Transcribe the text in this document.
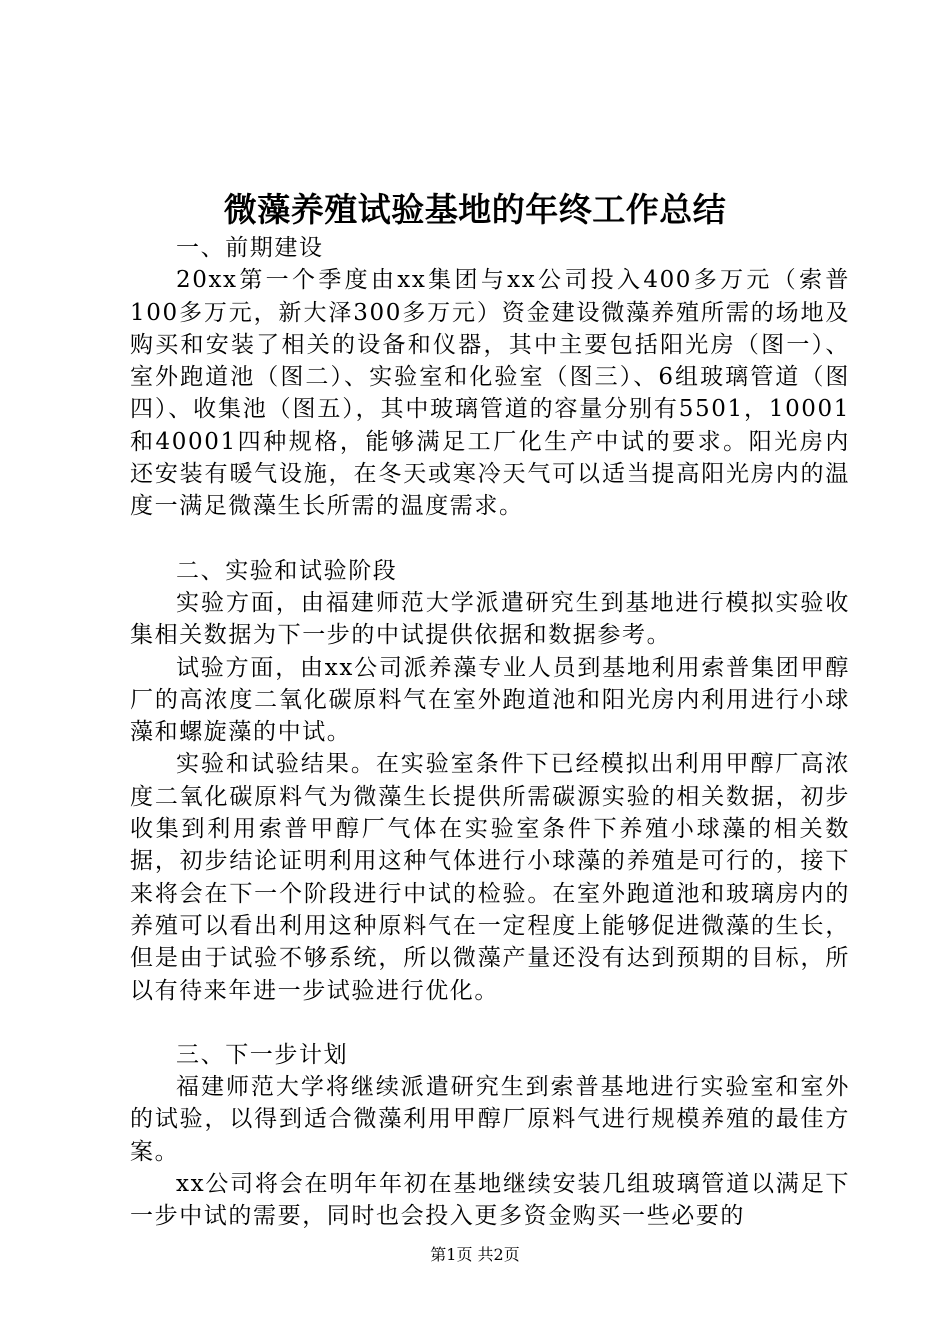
微藻养殖试验基地的年终工作总结

一、前期建设

20xx第一个季度由xx集团与xx公司投入400多万元（索普100多万元，新大泽300多万元）资金建设微藻养殖所需的场地及购买和安装了相关的设备和仪器，其中主要包括阳光房（图一）、室外跑道池（图二）、实验室和化验室（图三）、6组玻璃管道（图四）、收集池（图五），其中玻璃管道的容量分别有5501，10001和40001四种规格，能够满足工厂化生产中试的要求。阳光房内还安装有暖气设施，在冬天或寒冷天气可以适当提高阳光房内的温度一满足微藻生长所需的温度需求。

二、实验和试验阶段

实验方面，由福建师范大学派遣研究生到基地进行模拟实验收集相关数据为下一步的中试提供依据和数据参考。

试验方面，由xx公司派养藻专业人员到基地利用索普集团甲醇厂的高浓度二氧化碳原料气在室外跑道池和阳光房内利用进行小球藻和螺旋藻的中试。

实验和试验结果。在实验室条件下已经模拟出利用甲醇厂高浓度二氧化碳原料气为微藻生长提供所需碳源实验的相关数据，初步收集到利用索普甲醇厂气体在实验室条件下养殖小球藻的相关数据，初步结论证明利用这种气体进行小球藻的养殖是可行的，接下来将会在下一个阶段进行中试的检验。在室外跑道池和玻璃房内的养殖可以看出利用这种原料气在一定程度上能够促进微藻的生长，但是由于试验不够系统，所以微藻产量还没有达到预期的目标，所以有待来年进一步试验进行优化。

三、下一步计划

福建师范大学将继续派遣研究生到索普基地进行实验室和室外的试验，以得到适合微藻利用甲醇厂原料气进行规模养殖的最佳方案。

xx公司将会在明年年初在基地继续安装几组玻璃管道以满足下一步中试的需要，同时也会投入更多资金购买一些必要的

第1页 共2页
